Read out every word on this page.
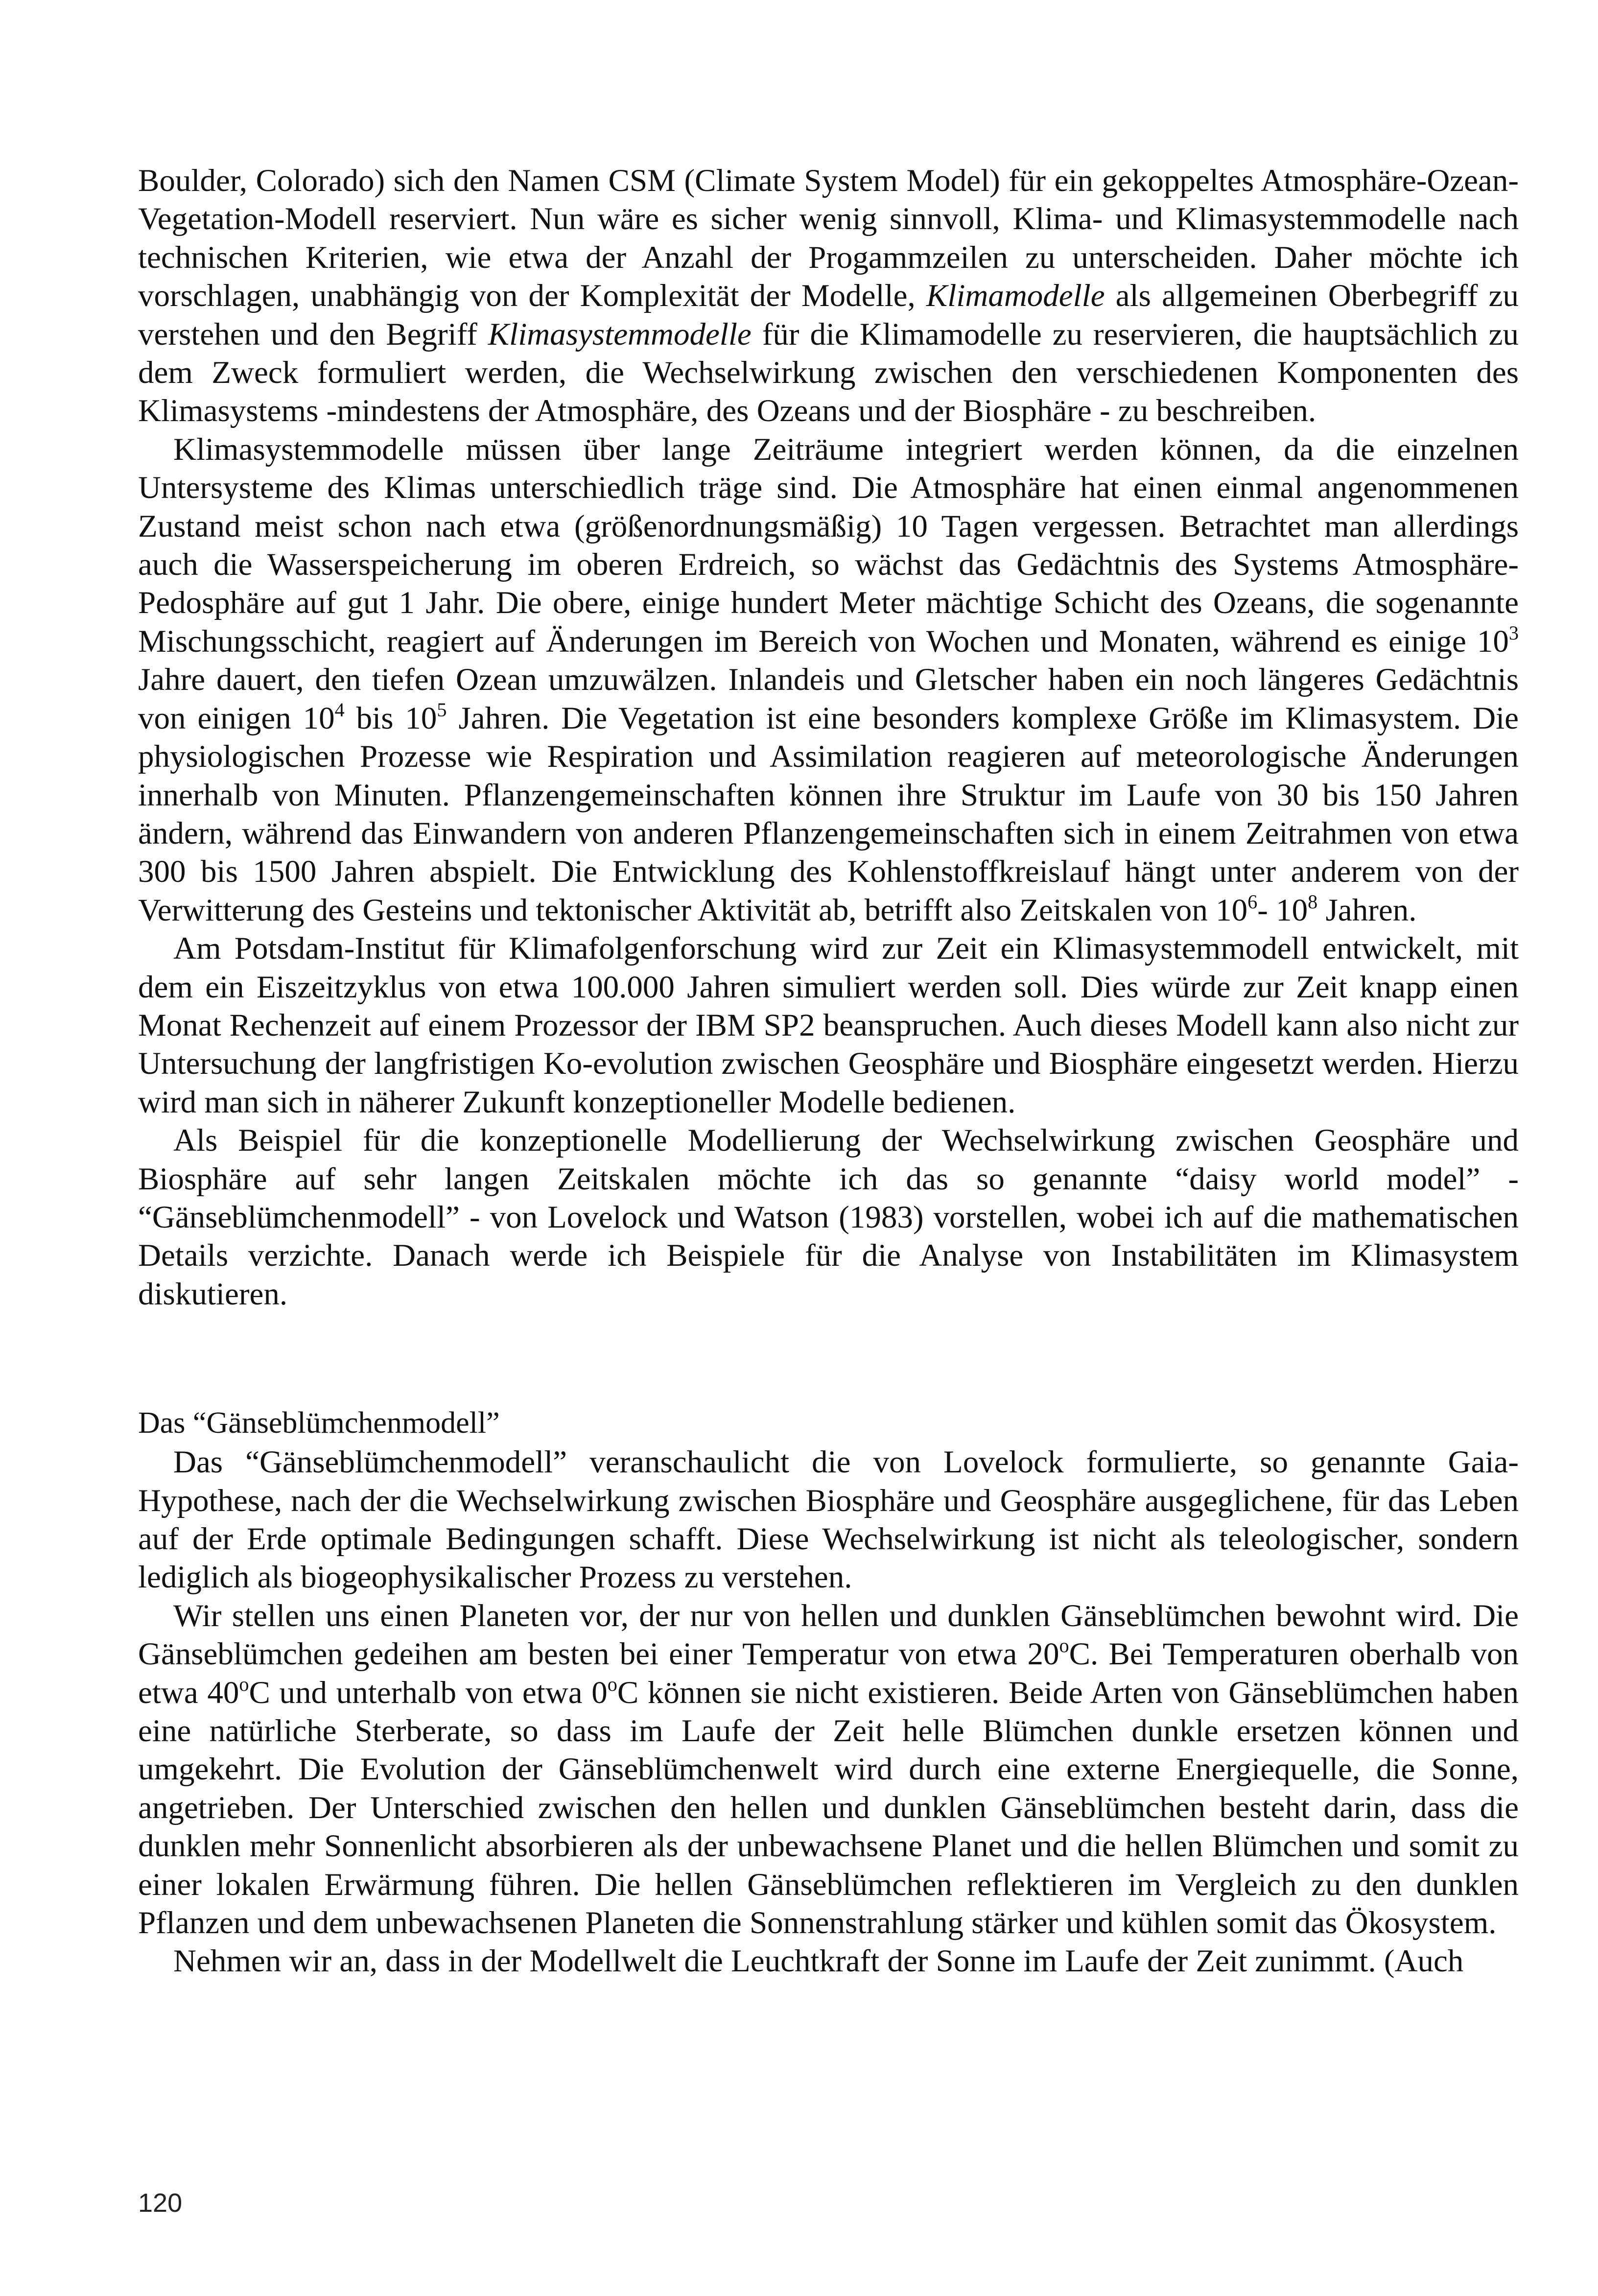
Boulder, Colorado) sich den Namen CSM (Climate System Model) für ein gekoppeltes Atmosphäre-Ozean-Vegetation-Modell reserviert. Nun wäre es sicher wenig sinnvoll, Klima- und Klimasystemmodelle nach technischen Kriterien, wie etwa der Anzahl der Progammzeilen zu unterscheiden. Daher möchte ich vorschlagen, unabhängig von der Komplexität der Modelle, Klimamodelle als allgemeinen Oberbegriff zu verstehen und den Begriff Klimasystemmodelle für die Klimamodelle zu reservieren, die hauptsächlich zu dem Zweck formuliert werden, die Wechselwirkung zwischen den verschiedenen Komponenten des Klimasystems -mindestens der Atmosphäre, des Ozeans und der Biosphäre - zu beschreiben.

Klimasystemmodelle müssen über lange Zeiträume integriert werden können, da die einzelnen Untersysteme des Klimas unterschiedlich träge sind. Die Atmosphäre hat einen einmal angenommenen Zustand meist schon nach etwa (größenordnungsmäßig) 10 Tagen vergessen. Betrachtet man allerdings auch die Wasserspeicherung im oberen Erdreich, so wächst das Gedächtnis des Systems Atmosphäre-Pedosphäre auf gut 1 Jahr. Die obere, einige hundert Meter mächtige Schicht des Ozeans, die sogenannte Mischungsschicht, reagiert auf Änderungen im Bereich von Wochen und Monaten, während es einige $10^3$ Jahre dauert, den tiefen Ozean umzuwälzen. Inlandeis und Gletscher haben ein noch längeres Gedächtnis von einigen $10^4$ bis $10^5$ Jahren. Die Vegetation ist eine besonders komplexe Größe im Klimasystem. Die physiologischen Prozesse wie Respiration und Assimilation reagieren auf meteorologische Änderungen innerhalb von Minuten. Pflanzengemeinschaften können ihre Struktur im Laufe von 30 bis 150 Jahren ändern, während das Einwandern von anderen Pflanzengemeinschaften sich in einem Zeitrahmen von etwa 300 bis 1500 Jahren abspielt. Die Entwicklung des Kohlenstoffkreislauf hängt unter anderem von der Verwitterung des Gesteins und tektonischer Aktivität ab, betrifft also Zeitskalen von $10^6-$ $10^8$ Jahren.

Am Potsdam-Institut für Klimafolgenforschung wird zur Zeit ein Klimasystemmodell entwickelt, mit dem ein Eiszeitzyklus von etwa 100.000 Jahren simuliert werden soll. Dies würde zur Zeit knapp einen Monat Rechenzeit auf einem Prozessor der IBM SP2 beanspruchen. Auch dieses Modell kann also nicht zur Untersuchung der langfristigen Ko-evolution zwischen Geosphäre und Biosphäre eingesetzt werden. Hierzu wird man sich in näherer Zukunft konzeptioneller Modelle bedienen.

Als Beispiel für die konzeptionelle Modellierung der Wechselwirkung zwischen Geosphäre und Biosphäre auf sehr langen Zeitskalen möchte ich das so genannte “daisy world model” - “Gänseblümchenmodell” - von Lovelock und Watson (1983) vorstellen, wobei ich auf die mathematischen Details verzichte. Danach werde ich Beispiele für die Analyse von Instabilitäten im Klimasystem diskutieren.

Das “Gänseblümchenmodell”

Das “Gänseblümchenmodell” veranschaulicht die von Lovelock formulierte, so genannte Gaia-Hypothese, nach der die Wechselwirkung zwischen Biosphäre und Geosphäre ausgeglichene, für das Leben auf der Erde optimale Bedingungen schafft. Diese Wechselwirkung ist nicht als teleologischer, sondern lediglich als biogeophysikalischer Prozess zu verstehen.

Wir stellen uns einen Planeten vor, der nur von hellen und dunklen Gänseblümchen bewohnt wird. Die Gänseblümchen gedeihen am besten bei einer Temperatur von etwa 20$^o$C. Bei Temperaturen oberhalb von etwa 40$^o$C und unterhalb von etwa 0$^o$C können sie nicht existieren. Beide Arten von Gänseblümchen haben eine natürliche Sterberate, so dass im Laufe der Zeit helle Blümchen dunkle ersetzen können und umgekehrt. Die Evolution der Gänseblümchenwelt wird durch eine externe Energiequelle, die Sonne, angetrieben. Der Unterschied zwischen den hellen und dunklen Gänseblümchen besteht darin, dass die dunklen mehr Sonnenlicht absorbieren als der unbewachsene Planet und die hellen Blümchen und somit zu einer lokalen Erwärmung führen. Die hellen Gänseblümchen reflektieren im Vergleich zu den dunklen Pflanzen und dem unbewachsenen Planeten die Sonnenstrahlung stärker und kühlen somit das Ökosystem.

Nehmen wir an, dass in der Modellwelt die Leuchtkraft der Sonne im Laufe der Zeit zunimmt. (Auch

120
